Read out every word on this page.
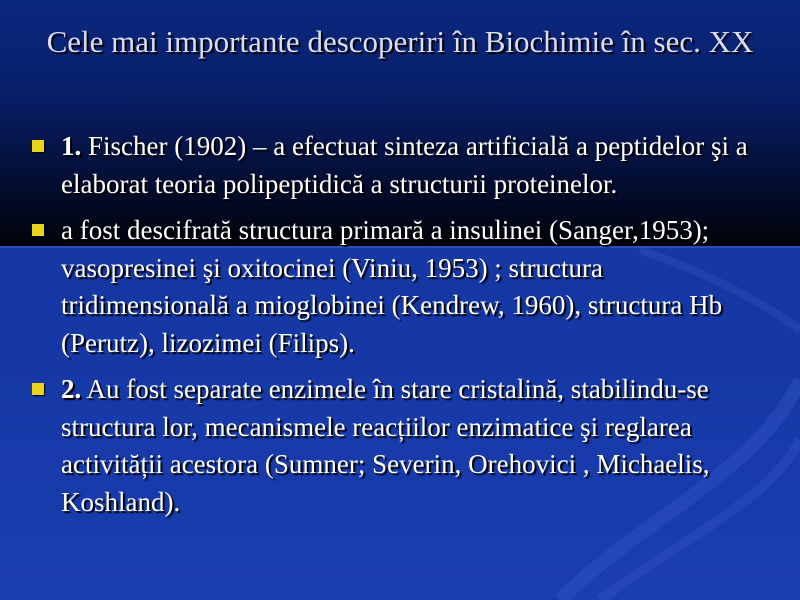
Cele mai importante descoperiri în Biochimie în sec. XX
1. Fischer (1902) – a efectuat sinteza artificială a peptidelor şi a elaborat teoria polipeptidică a structurii proteinelor.
a fost descifrată structura primară a insulinei (Sanger,1953); vasopresinei şi oxitocinei (Viniu, 1953) ; structura tridimensională a mioglobinei (Kendrew, 1960), structura Hb (Perutz), lizozimei (Filips).
2. Au fost separate enzimele în stare cristalină, stabilindu-se structura lor, mecanismele reacțiilor enzimatice şi reglarea activității acestora (Sumner; Severin, Orehovici , Michaelis, Koshland).
